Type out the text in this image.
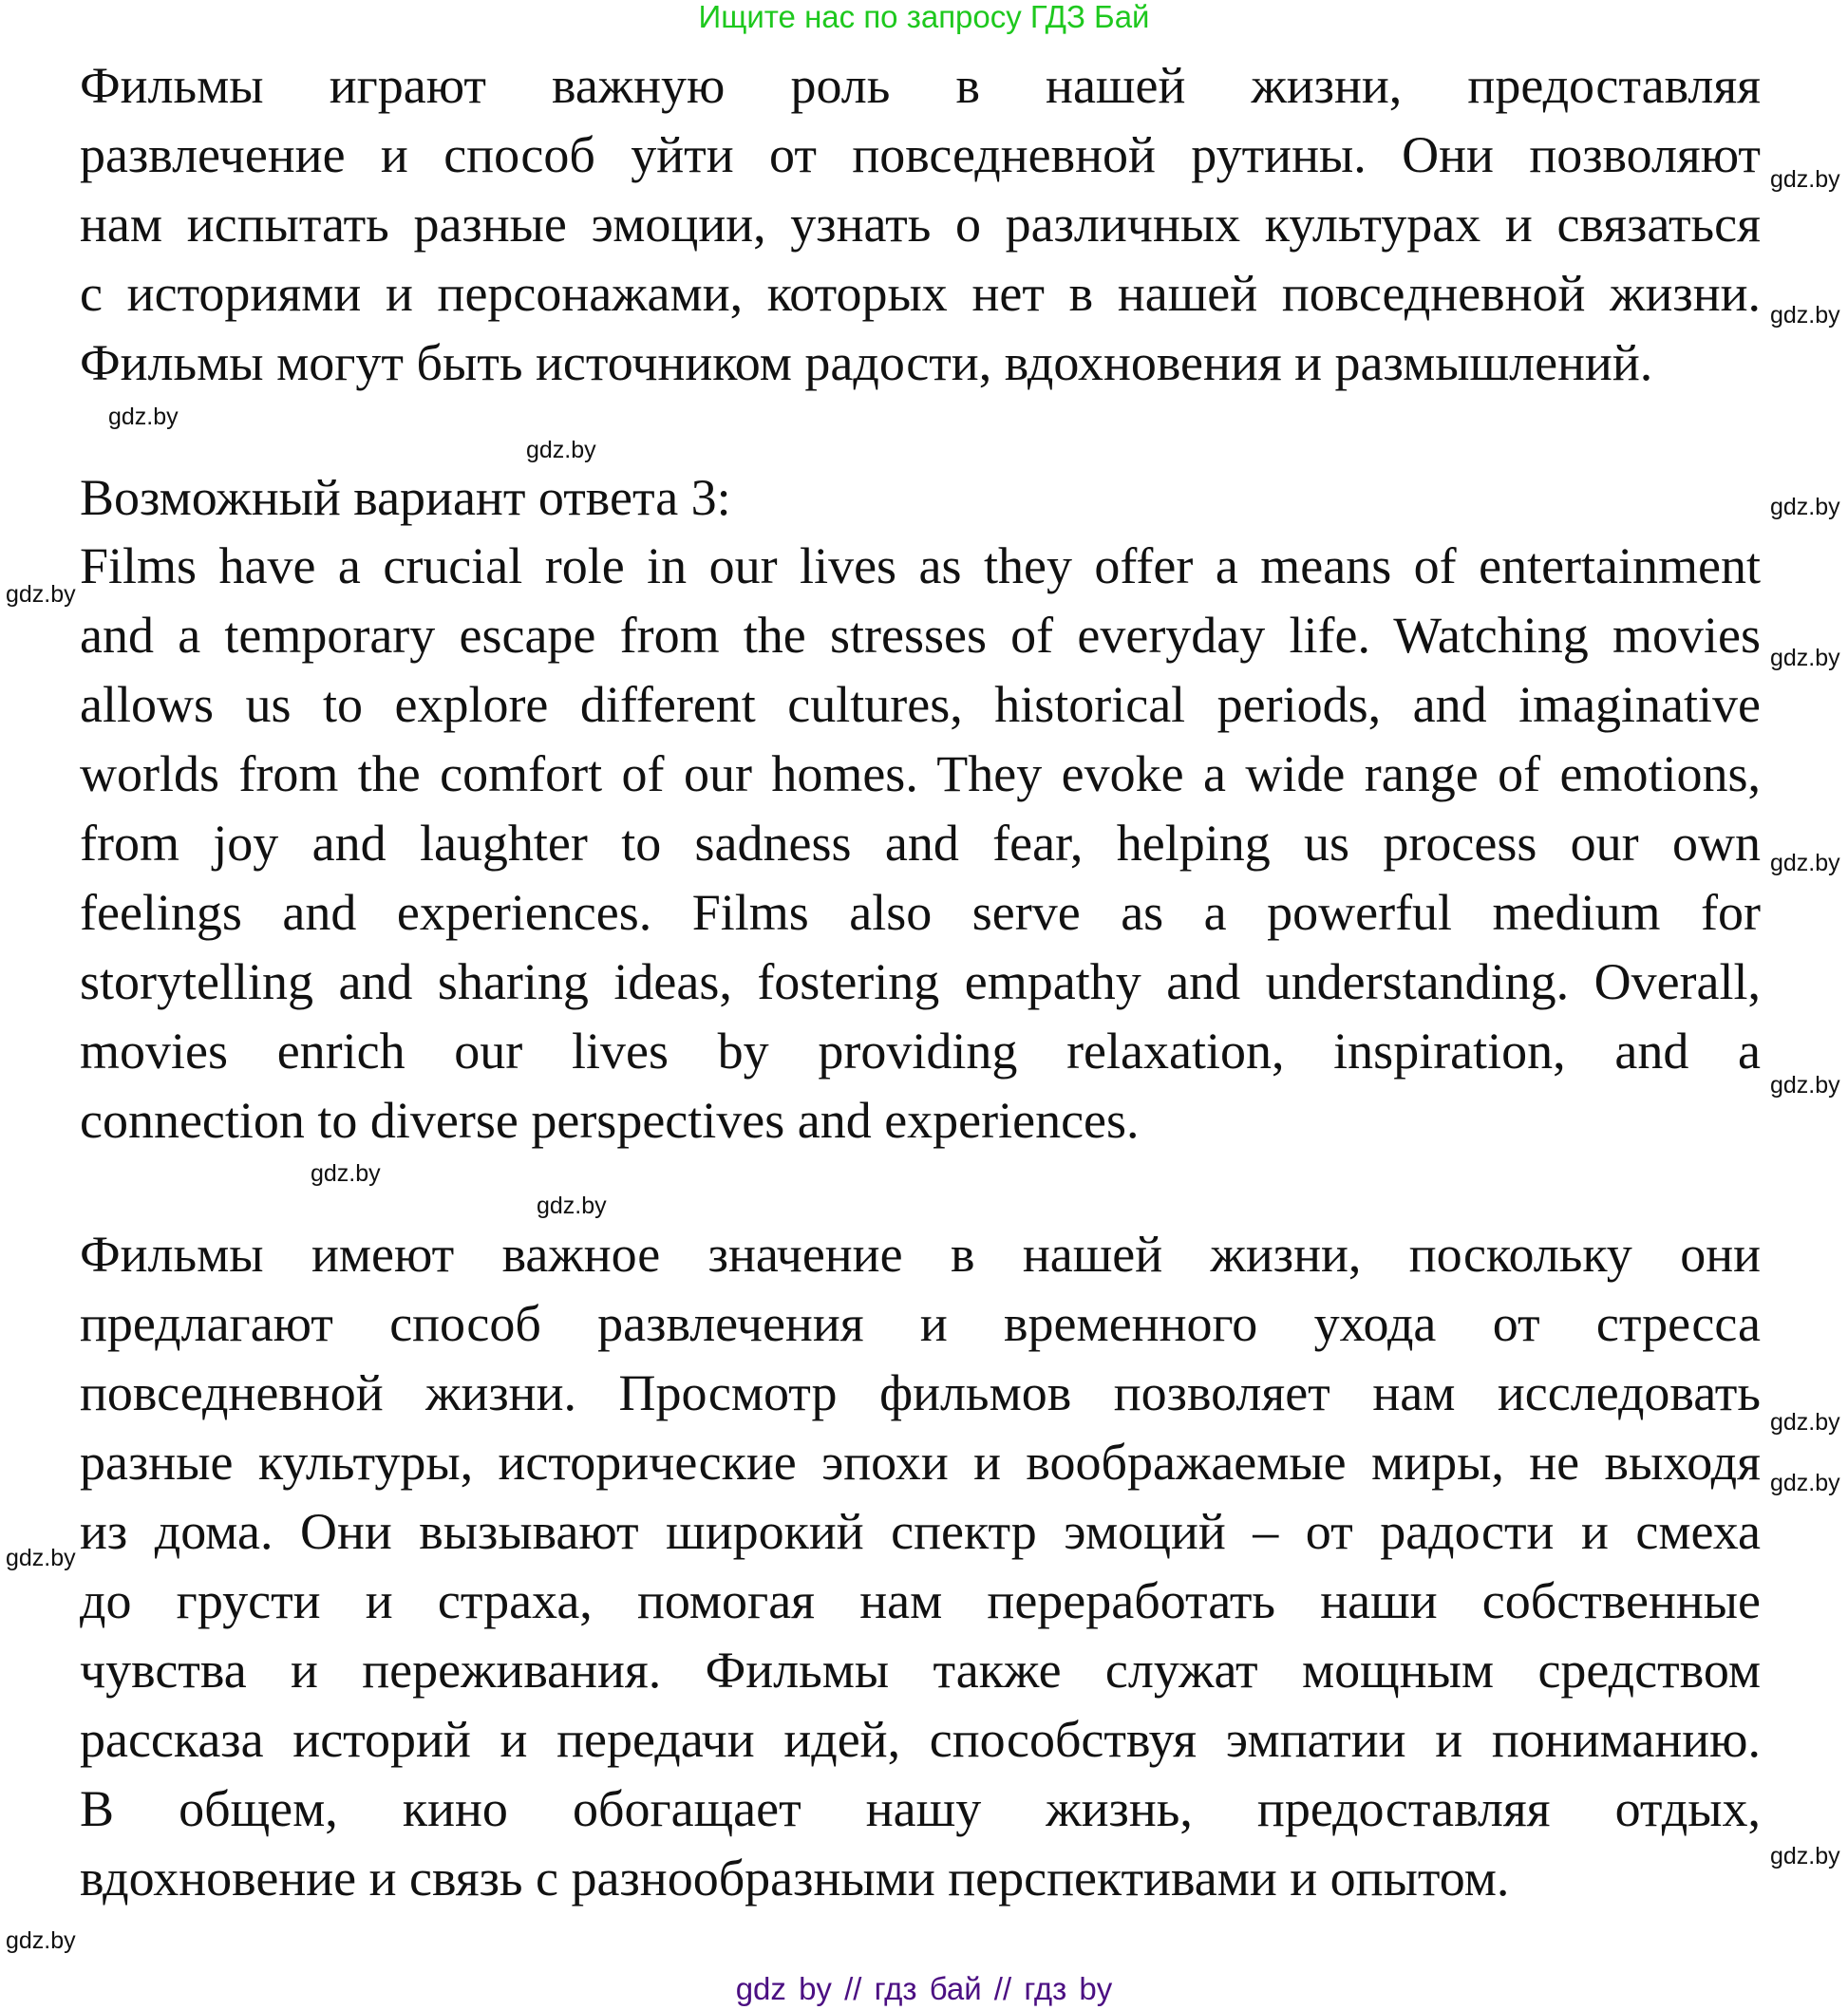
Ищите нас по запросу ГДЗ Бай
Фильмы играют важную роль в нашей жизни, предоставляя
развлечение и способ уйти от повседневной рутины. Они позволяют
нам испытать разные эмоции, узнать о различных культурах и связаться
с историями и персонажами, которых нет в нашей повседневной жизни.
Фильмы могут быть источником радости, вдохновения и размышлений.
Возможный вариант ответа 3:
Films have a crucial role in our lives as they offer a means of entertainment
and a temporary escape from the stresses of everyday life. Watching movies
allows us to explore different cultures, historical periods, and imaginative
worlds from the comfort of our homes. They evoke a wide range of emotions,
from joy and laughter to sadness and fear, helping us process our own
feelings and experiences. Films also serve as a powerful medium for
storytelling and sharing ideas, fostering empathy and understanding. Overall,
movies enrich our lives by providing relaxation, inspiration, and a
connection to diverse perspectives and experiences.
Фильмы имеют важное значение в нашей жизни, поскольку они
предлагают способ развлечения и временного ухода от стресса
повседневной жизни. Просмотр фильмов позволяет нам исследовать
разные культуры, исторические эпохи и воображаемые миры, не выходя
из дома. Они вызывают широкий спектр эмоций – от радости и смеха
до грусти и страха, помогая нам переработать наши собственные
чувства и переживания. Фильмы также служат мощным средством
рассказа историй и передачи идей, способствуя эмпатии и пониманию.
В общем, кино обогащает нашу жизнь, предоставляя отдых,
вдохновение и связь с разнообразными перспективами и опытом.
gdz.by
gdz.by
gdz.by
gdz.by
gdz.by
gdz.by
gdz.by
gdz.by
gdz.by
gdz.by
gdz.by
gdz.by
gdz.by
gdz.by
gdz.by
gdz.by
gdz by // гдз бай // гдз by
